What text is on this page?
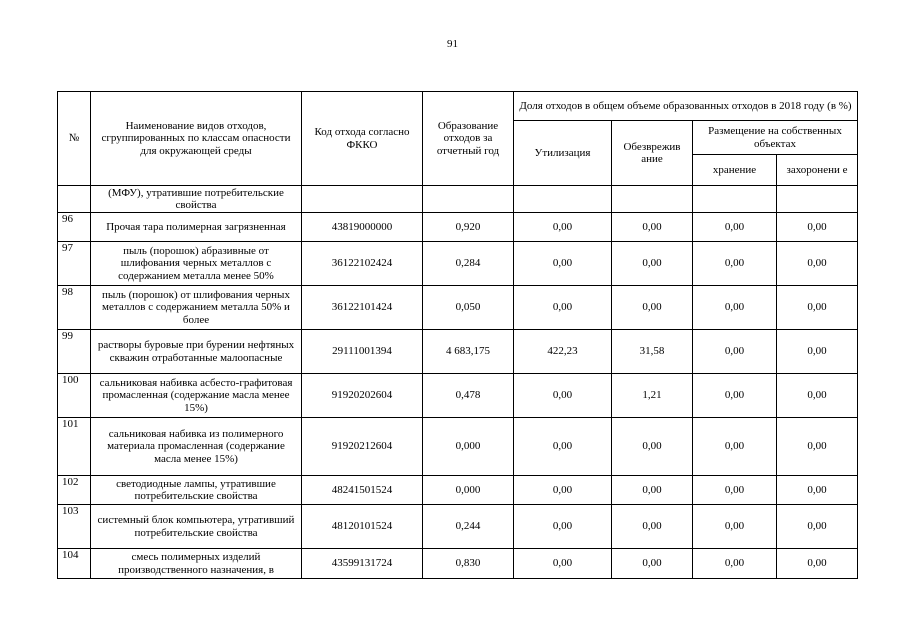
91
№	Наименование видов отходов, сгруппированных по классам опасности для окружающей среды	Код отхода согласно ФККО	Образование отходов за отчетный год	Доля отходов в общем объеме образованных отходов в 2018 году (в %)			
				Утилизация	Обезврежив ание	Размещение на собственных объектах	
						хранение	захоронени е
	(МФУ), утратившие потребительские свойства						
96	Прочая тара полимерная загрязненная	43819000000	0,920	0,00	0,00	0,00	0,00
97	пыль (порошок) абразивные от шлифования черных металлов с содержанием металла менее 50%	36122102424	0,284	0,00	0,00	0,00	0,00
98	пыль (порошок) от шлифования черных металлов с содержанием металла 50% и более	36122101424	0,050	0,00	0,00	0,00	0,00
99	растворы буровые при бурении нефтяных скважин отработанные малоопасные	29111001394	4 683,175	422,23	31,58	0,00	0,00
100	сальниковая набивка асбесто-графитовая промасленная (содержание масла менее 15%)	91920202604	0,478	0,00	1,21	0,00	0,00
101	сальниковая набивка из полимерного материала промасленная (содержание масла менее 15%)	91920212604	0,000	0,00	0,00	0,00	0,00
102	светодиодные лампы, утратившие потребительские свойства	48241501524	0,000	0,00	0,00	0,00	0,00
103	системный блок компьютера, утративший потребительские свойства	48120101524	0,244	0,00	0,00	0,00	0,00
104	смесь полимерных изделий производственного назначения, в	43599131724	0,830	0,00	0,00	0,00	0,00
